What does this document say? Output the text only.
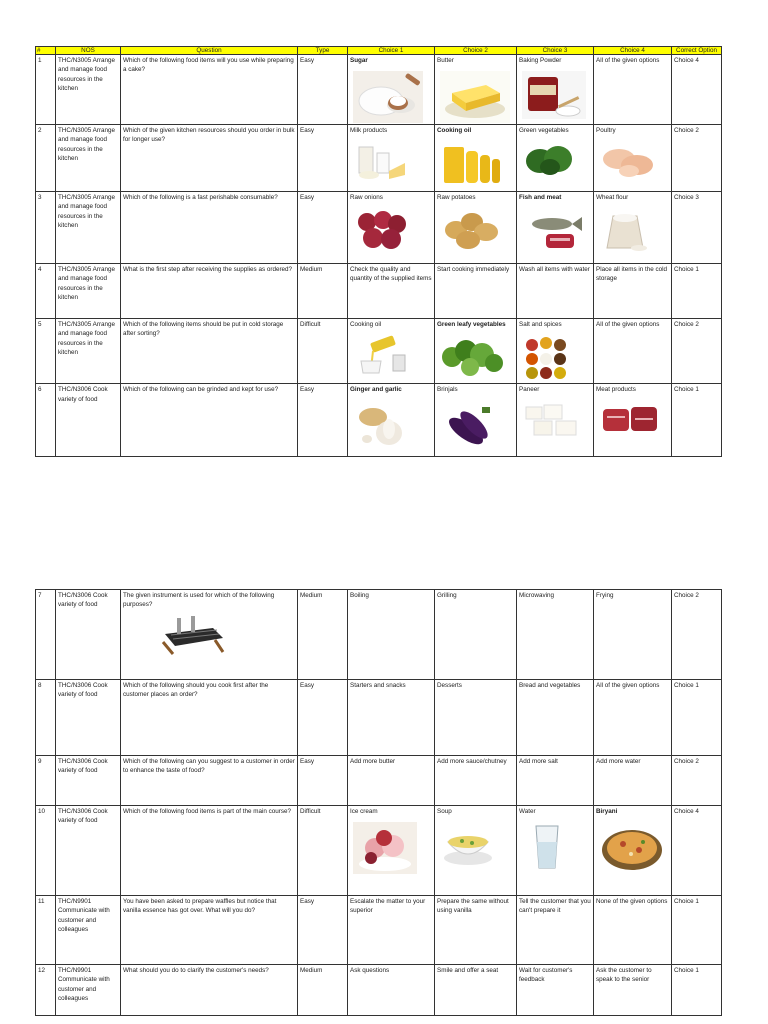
#	NOS	Question	Type	Choice 1	Choice 2	Choice 3	Choice 4	Correct Option
1	THC/N3005 Arrange and manage food resources in the kitchen	Which of the following food items will you use while preparing a cake?	Easy	Sugar	Butter	Baking Powder	All of the given options	Choice 4
2	THC/N3005 Arrange and manage food resources in the kitchen	Which of the given kitchen resources should you order in bulk for longer use?	Easy	Milk products	Cooking oil	Green vegetables	Poultry	Choice 2
3	THC/N3005 Arrange and manage food resources in the kitchen	Which of the following is a fast perishable consumable?	Easy	Raw onions	Raw potatoes	Fish and meat	Wheat flour	Choice 3
4	THC/N3005 Arrange and manage food resources in the kitchen	What is the first step after receiving the supplies as ordered?	Medium	Check the quality and quantity of the supplied items	Start cooking immediately	Wash all items with water	Place all items in the cold storage	Choice 1
5	THC/N3005 Arrange and manage food resources in the kitchen	Which of the following items should be put in cold storage after sorting?	Difficult	Cooking oil	Green leafy vegetables	Salt and spices	All of the given options	Choice 2
6	THC/N3006 Cook variety of food	Which of the following can be grinded and kept for use?	Easy	Ginger and garlic	Brinjals	Paneer	Meat products	Choice 1
7	THC/N3006 Cook variety of food	The given instrument is used for which of the following purposes?	Medium	Boiling	Grilling	Microwaving	Frying	Choice 2
8	THC/N3006 Cook variety of food	Which of the following should you cook first after the customer places an order?	Easy	Starters and snacks	Desserts	Bread and vegetables	All of the given options	Choice 1
9	THC/N3006 Cook variety of food	Which of the following can you suggest to a customer in order to enhance the taste of food?	Easy	Add more butter	Add more sauce/chutney	Add more salt	Add more water	Choice 2
10	THC/N3006 Cook variety of food	Which of the following food items is part of the main course?	Difficult	Ice cream	Soup	Water	Biryani	Choice 4
11	THC/N9901 Communicate with customer and colleagues	You have been asked to prepare waffles but notice that vanilla essence has got over. What will you do?	Easy	Escalate the matter to your superior	Prepare the same without using vanilla	Tell the customer that you can't prepare it	None of the given options	Choice 1
12	THC/N9901 Communicate with customer and colleagues	What should you do to clarify the customer's needs?	Medium	Ask questions	Smile and offer a seat	Wait for customer's feedback	Ask the customer to speak to the senior	Choice 1
